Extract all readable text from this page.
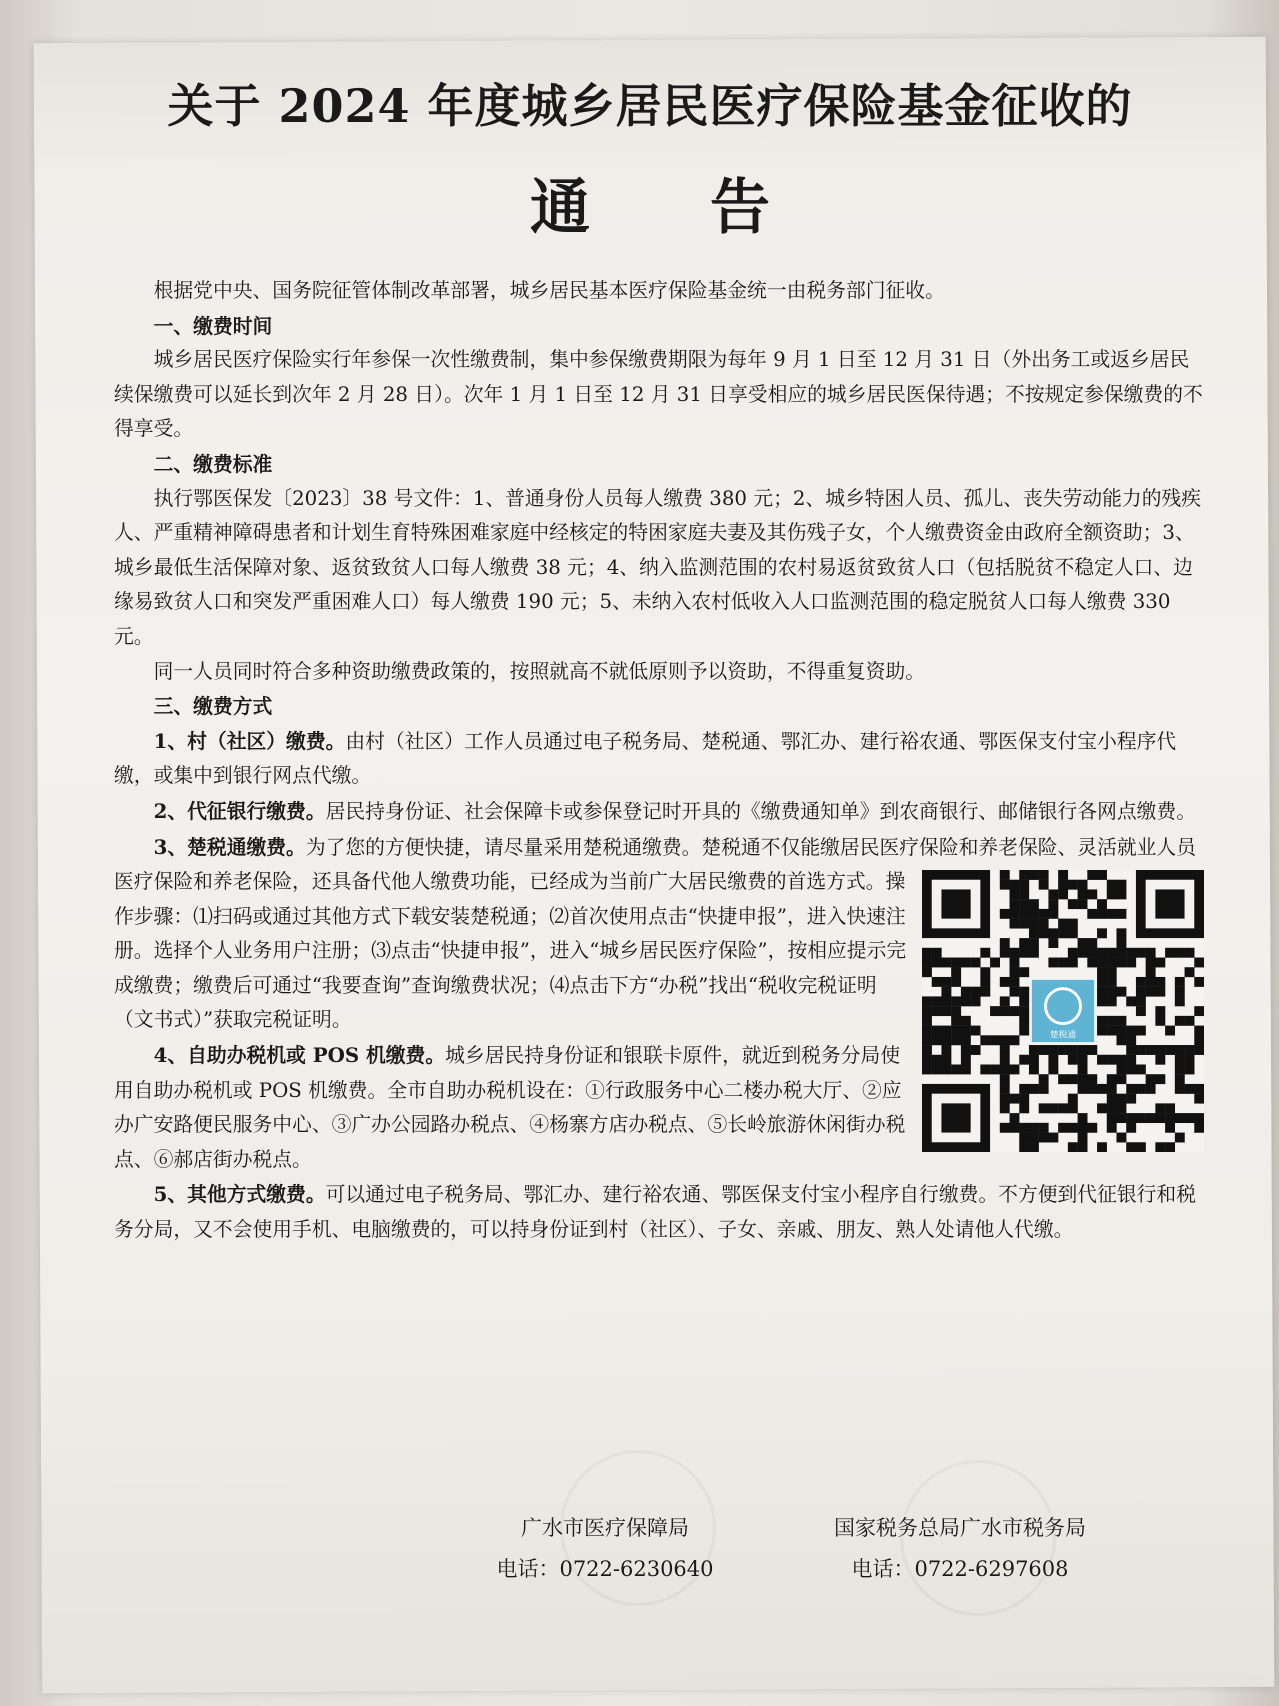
关于 2024 年度城乡居民医疗保险基金征收的
通告

根据党中央、国务院征管体制改革部署，城乡居民基本医疗保险基金统一由税务部门征收。

一、缴费时间

城乡居民医疗保险实行年参保一次性缴费制，集中参保缴费期限为每年 9 月 1 日至 12 月 31 日（外出务工或返乡居民续保缴费可以延长到次年 2 月 28 日）。次年 1 月 1 日至 12 月 31 日享受相应的城乡居民医保待遇；不按规定参保缴费的不得享受。

二、缴费标准

执行鄂医保发〔2023〕38 号文件：1、普通身份人员每人缴费 380 元；2、城乡特困人员、孤儿、丧失劳动能力的残疾人、严重精神障碍患者和计划生育特殊困难家庭中经核定的特困家庭夫妻及其伤残子女，个人缴费资金由政府全额资助；3、城乡最低生活保障对象、返贫致贫人口每人缴费 38 元；4、纳入监测范围的农村易返贫致贫人口（包括脱贫不稳定人口、边缘易致贫人口和突发严重困难人口）每人缴费 190 元；5、未纳入农村低收入人口监测范围的稳定脱贫人口每人缴费 330 元。

同一人员同时符合多种资助缴费政策的，按照就高不就低原则予以资助，不得重复资助。

三、缴费方式

1、村（社区）缴费。由村（社区）工作人员通过电子税务局、楚税通、鄂汇办、建行裕农通、鄂医保支付宝小程序代缴，或集中到银行网点代缴。

2、代征银行缴费。居民持身份证、社会保障卡或参保登记时开具的《缴费通知单》到农商银行、邮储银行各网点缴费。

3、楚税通缴费。
为了您的方便快捷，请尽量采用楚税通缴费。楚税通不仅能缴居民医疗保险和养老保险、灵活就业人员医疗保险和养老保险，还具备代他人缴费功能，已经成为当前广大居民缴费的首选方式。操作步骤：⑴扫码或通过其他方式下载安装楚税通；⑵首次使用点击“快捷申报”，进入快速注册。选择个人业务用户注册；⑶点击“快捷申报”，进入“城乡居民医疗保险”，按相应提示完成缴费；缴费后可通过“我要查询”查询缴费状况；⑷点击下方“办税”找出“税收完税证明（文书式）”获取完税证明。

4、自助办税机或 POS 机缴费。城乡居民持身份证和银联卡原件，就近到税务分局使用自助办税机或 POS 机缴费。全市自助办税机设在：①行政服务中心二楼办税大厅、②应办广安路便民服务中心、③广办公园路办税点、④杨寨方店办税点、⑤长岭旅游休闲街办税点、⑥郝店街办税点。

5、其他方式缴费。可以通过电子税务局、鄂汇办、建行裕农通、鄂医保支付宝小程序自行缴费。不方便到代征银行和税务分局，又不会使用手机、电脑缴费的，可以持身份证到村（社区）、子女、亲戚、朋友、熟人处请他人代缴。

广水市医疗保障局
电话：0722-6230640
国家税务总局广水市税务局
电话：0722-6297608
